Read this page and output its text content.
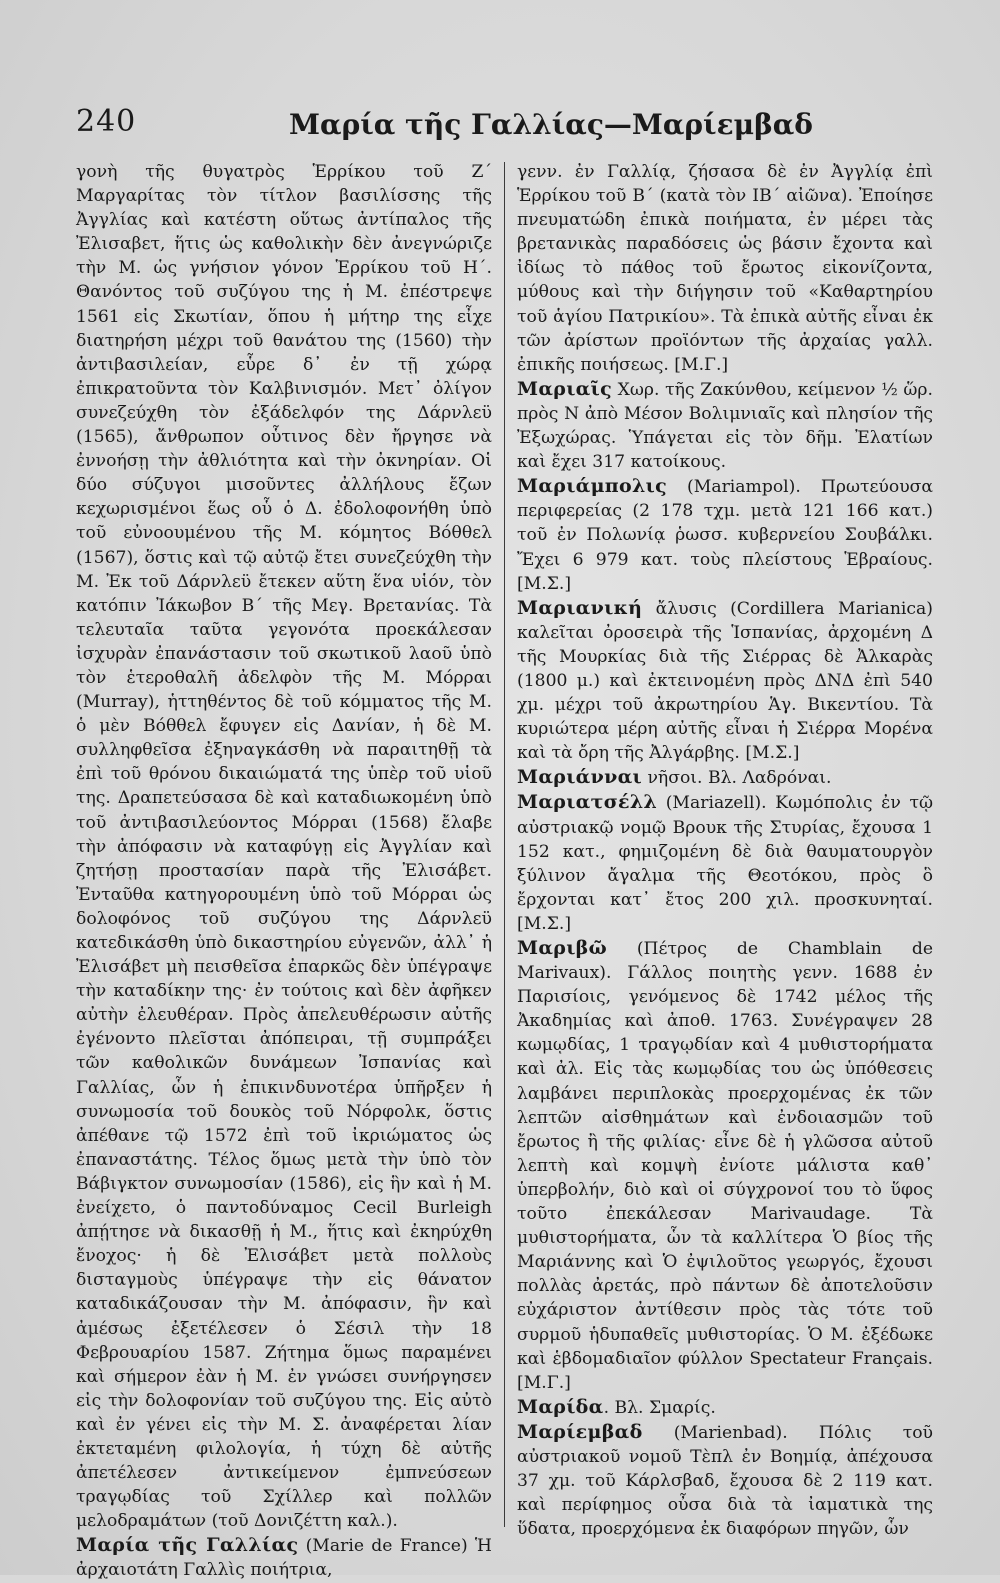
240	Μαρία τῆς Γαλλίας—Μαρίεμβαδ

γονὴ τῆς θυγατρὸς Ἑρρίκου τοῦ Ζ΄ Μαργαρίτας τὸν τίτλον βασιλίσσης τῆς Ἀγγλίας καὶ κατέστη οὕτως ἀντίπαλος τῆς Ἐλισαβετ, ἥτις ὡς καθολικὴν δὲν ἀνεγνώριζε τὴν Μ. ὡς γνήσιον γόνον Ἑρρίκου τοῦ Η΄. Θανόντος τοῦ συζύγου της ἡ Μ. ἐπέστρεψε 1561 εἰς Σκωτίαν, ὅπου ἡ μήτηρ της εἶχε διατηρήση μέχρι τοῦ θανάτου της (1560) τὴν ἀντιβασιλείαν, εὗρε δ᾽ ἐν τῇ χώρᾳ ἐπικρατοῦντα τὸν Καλβινισμόν. Μετ᾽ ὀλίγον συνεζεύχθη τὸν ἐξάδελφόν της Δάρνλεϋ (1565), ἄνθρωπον οὗτινος δὲν ἤργησε νὰ ἐννοήσῃ τὴν ἀθλιότητα καὶ τὴν ὀκνηρίαν. Οἱ δύο σύζυγοι μισοῦντες ἀλλήλους ἔζων κεχωρισμένοι ἕως οὗ ὁ Δ. ἐδολοφονήθη ὑπὸ τοῦ εὐνοουμένου τῆς Μ. κόμητος Βόθθελ (1567), ὅστις καὶ τῷ αὐτῷ ἔτει συνεζεύχθη τὴν Μ. Ἐκ τοῦ Δάρνλεϋ ἔτεκεν αὕτη ἕνα υἱόν, τὸν κατόπιν Ἰάκωβον Β΄ τῆς Μεγ. Βρετανίας. Τὰ τελευταῖα ταῦτα γεγονότα προεκάλεσαν ἰσχυρὰν ἐπανάστασιν τοῦ σκωτικοῦ λαοῦ ὑπὸ τὸν ἑτεροθαλῆ ἀδελφὸν τῆς Μ. Μόρραι (Murray), ἡττηθέντος δὲ τοῦ κόμματος τῆς Μ. ὁ μὲν Βόθθελ ἔφυγεν εἰς Δανίαν, ἡ δὲ Μ. συλληφθεῖσα ἐξηναγκάσθη νὰ παραιτηθῇ τὰ ἐπὶ τοῦ θρόνου δικαιώματά της ὑπὲρ τοῦ υἱοῦ της. Δραπετεύσασα δὲ καὶ καταδιωκομένη ὑπὸ τοῦ ἀντιβασιλεύοντος Μόρραι (1568) ἔλαβε τὴν ἀπόφασιν νὰ καταφύγῃ εἰς Ἀγγλίαν καὶ ζητήσῃ προστασίαν παρὰ τῆς Ἐλισάβετ. Ἐνταῦθα κατηγορουμένη ὑπὸ τοῦ Μόρραι ὡς δολοφόνος τοῦ συζύγου της Δάρνλεϋ κατεδικάσθη ὑπὸ δικαστηρίου εὐγενῶν, ἀλλ᾽ ἡ Ἐλισάβετ μὴ πεισθεῖσα ἐπαρκῶς δὲν ὑπέγραψε τὴν καταδίκην της· ἐν τούτοις καὶ δὲν ἀφῆκεν αὐτὴν ἐλευθέραν. Πρὸς ἀπελευθέρωσιν αὐτῆς ἐγένοντο πλεῖσται ἀπόπειραι, τῇ συμπράξει τῶν καθολικῶν δυνάμεων Ἰσπανίας καὶ Γαλλίας, ὧν ἡ ἐπικινδυνοτέρα ὑπῆρξεν ἡ συνωμοσία τοῦ δουκὸς τοῦ Νόρφολκ, ὅστις ἀπέθανε τῷ 1572 ἐπὶ τοῦ ἰκριώματος ὡς ἐπαναστάτης. Τέλος ὅμως μετὰ τὴν ὑπὸ τὸν Βάβιγκτον συνωμοσίαν (1586), εἰς ἣν καὶ ἡ Μ. ἐνείχετο, ὁ παντοδύναμος Cecil Burleigh ἀπῄτησε νὰ δικασθῇ ἡ Μ., ἥτις καὶ ἐκηρύχθη ἔνοχος· ἡ δὲ Ἐλισάβετ μετὰ πολλοὺς δισταγμοὺς ὑπέγραψε τὴν εἰς θάνατον καταδικάζουσαν τὴν Μ. ἀπόφασιν, ἣν καὶ ἀμέσως ἐξετέλεσεν ὁ Σέσιλ τὴν 18 Φεβρουαρίου 1587. Ζήτημα ὅμως παραμένει καὶ σήμερον ἐὰν ἡ Μ. ἐν γνώσει συνήργησεν εἰς τὴν δολοφονίαν τοῦ συζύγου της. Εἰς αὐτὸ καὶ ἐν γένει εἰς τὴν Μ. Σ. ἀναφέρεται λίαν ἐκτεταμένη φιλολογία, ἡ τύχη δὲ αὐτῆς ἀπετέλεσεν ἀντικείμενον ἐμπνεύσεων τραγῳδίας τοῦ Σχίλλερ καὶ πολλῶν μελοδραμάτων (τοῦ Δονιζέττη καλ.).

Μαρία τῆς Γαλλίας (Marie de France) Ἡ ἀρχαιοτάτη Γαλλὶς ποιήτρια,

γενν. ἐν Γαλλίᾳ, ζήσασα δὲ ἐν Ἀγγλίᾳ ἐπὶ Ἑρρίκου τοῦ Β΄ (κατὰ τὸν ΙΒ΄ αἰῶνα). Ἐποίησε πνευματώδη ἐπικὰ ποιήματα, ἐν μέρει τὰς βρετανικὰς παραδόσεις ὡς βάσιν ἔχοντα καὶ ἰδίως τὸ πάθος τοῦ ἔρωτος εἰκονίζοντα, μύθους καὶ τὴν διήγησιν τοῦ «Καθαρτηρίου τοῦ ἁγίου Πατρικίου». Τὰ ἐπικὰ αὐτῆς εἶναι ἐκ τῶν ἀρίστων προϊόντων τῆς ἀρχαίας γαλλ. ἐπικῆς ποιήσεως. [Μ.Γ.]

Μαριαῖς Χωρ. τῆς Ζακύνθου, κείμενον ½ ὥρ. πρὸς Ν ἀπὸ Μέσον Βολιμνιαῖς καὶ πλησίον τῆς Ἐξωχώρας. Ὑπάγεται εἰς τὸν δῆμ. Ἐλατίων καὶ ἔχει 317 κατοίκους.

Μαριάμπολις (Mariampol). Πρωτεύουσα περιφερείας (2 178 τχμ. μετὰ 121 166 κατ.) τοῦ ἐν Πολωνίᾳ ῥωσσ. κυβερνείου Σουβάλκι. Ἔχει 6 979 κατ. τοὺς πλείστους Ἑβραίους. [Μ.Σ.]

Μαριανική ἄλυσις (Cordillera Marianica) καλεῖται ὀροσειρὰ τῆς Ἱσπανίας, ἀρχομένη Δ τῆς Μουρκίας διὰ τῆς Σιέρρας δὲ Ἀλκαρὰς (1800 μ.) καὶ ἐκτεινομένη πρὸς ΔΝΔ ἐπὶ 540 χμ. μέχρι τοῦ ἀκρωτηρίου Ἁγ. Βικεντίου. Τὰ κυριώτερα μέρη αὐτῆς εἶναι ἡ Σιέρρα Μορένα καὶ τὰ ὄρη τῆς Ἀλγάρβης. [Μ.Σ.]

Μαριάνναι νῆσοι. Βλ. Λαδρόναι.

Μαριατσέλλ (Mariazell). Κωμόπολις ἐν τῷ αὐστριακῷ νομῷ Βρουκ τῆς Στυρίας, ἔχουσα 1 152 κατ., φημιζομένη δὲ διὰ θαυματουργὸν ξύλινον ἄγαλμα τῆς Θεοτόκου, πρὸς ὃ ἔρχονται κατ᾽ ἔτος 200 χιλ. προσκυνηταί. [Μ.Σ.]

Μαριβῶ (Πέτρος de Chamblain de Marivaux). Γάλλος ποιητὴς γενν. 1688 ἐν Παρισίοις, γενόμενος δὲ 1742 μέλος τῆς Ἀκαδημίας καὶ ἀποθ. 1763. Συνέγραψεν 28 κωμῳδίας, 1 τραγῳδίαν καὶ 4 μυθιστορήματα καὶ ἀλ. Εἰς τὰς κωμῳδίας του ὡς ὑπόθεσεις λαμβάνει περιπλοκὰς προερχομένας ἐκ τῶν λεπτῶν αἰσθημάτων καὶ ἐνδοιασμῶν τοῦ ἔρωτος ἢ τῆς φιλίας· εἶνε δὲ ἡ γλῶσσα αὐτοῦ λεπτὴ καὶ κομψὴ ἐνίοτε μάλιστα καθ᾽ ὑπερβολήν, διὸ καὶ οἱ σύγχρονοί του τὸ ὕφος τοῦτο ἐπεκάλεσαν Marivaudage. Τὰ μυθιστορήματα, ὧν τὰ καλλίτερα Ὁ βίος τῆς Μαριάννης καὶ Ὁ ἐψιλοῦτος γεωργός, ἔχουσι πολλὰς ἀρετάς, πρὸ πάντων δὲ ἀποτελοῦσιν εὐχάριστον ἀντίθεσιν πρὸς τὰς τότε τοῦ συρμοῦ ἡδυπαθεῖς μυθιστορίας. Ὁ Μ. ἐξέδωκε καὶ ἑβδομαδιαῖον φύλλον Spectateur Français. [Μ.Γ.]

Μαρίδα. Βλ. Σμαρίς.

Μαρίεμβαδ (Marienbad). Πόλις τοῦ αὐστριακοῦ νομοῦ Τὲπλ ἐν Βοημίᾳ, ἀπέχουσα 37 χμ. τοῦ Κάρλσβαδ, ἔχουσα δὲ 2 119 κατ. καὶ περίφημος οὖσα διὰ τὰ ἰαματικὰ της ὕδατα, προερχόμενα ἐκ διαφόρων πηγῶν, ὧν
